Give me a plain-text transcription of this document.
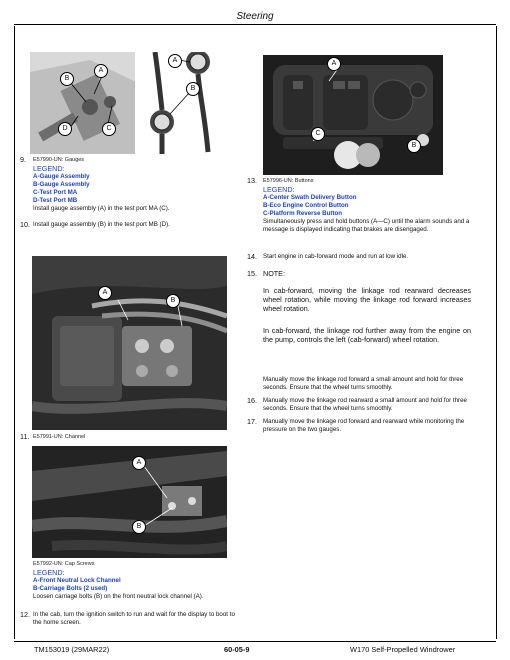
Steering
A
B
C
D
A
B
9. E57990-UN: Gauges
LEGEND:
A-Gauge Assembly
B-Gauge Assembly
C-Test Port MA
D-Test Port MB
Install gauge assembly (A) in the test port MA (C).
10. Install gauge assembly (B) in the test port MB (D).
A
B
11. E57991-UN: Channel
A
B
E57992-UN: Cap Screws
LEGEND:
A-Front Neutral Lock Channel
B-Carriage Bolts (2 used)
Loosen carriage bolts (B) on the front neutral lock channel (A).
12. In the cab, turn the ignition switch to run and wait for the display to boot to the home screen.
A
C
B
13. E57996-UN: Buttons
LEGEND:
A-Center Swath Delivery Button
B-Eco Engine Control Button
C-Platform Reverse Button
Simultaneously press and hold buttons (A—C) until the alarm sounds and a message is displayed indicating that brakes are disengaged.
14. Start engine in cab-forward mode and run at low idle.
15. NOTE:
In cab-forward, moving the linkage rod rearward decreases wheel rotation, while moving the linkage rod forward increases wheel rotation.
In cab-forward, the linkage rod further away from the engine on the pump, controls the left (cab-forward) wheel rotation.
Manually move the linkage rod forward a small amount and hold for three seconds. Ensure that the wheel turns smoothly.
16. Manually move the linkage rod rearward a small amount and hold for three seconds. Ensure that the wheel turns smoothly.
17. Manually move the linkage rod forward and rearward while monitoring the pressure on the two gauges.
TM153019 (29MAR22)	60-05-9	W170 Self-Propelled Windrower
